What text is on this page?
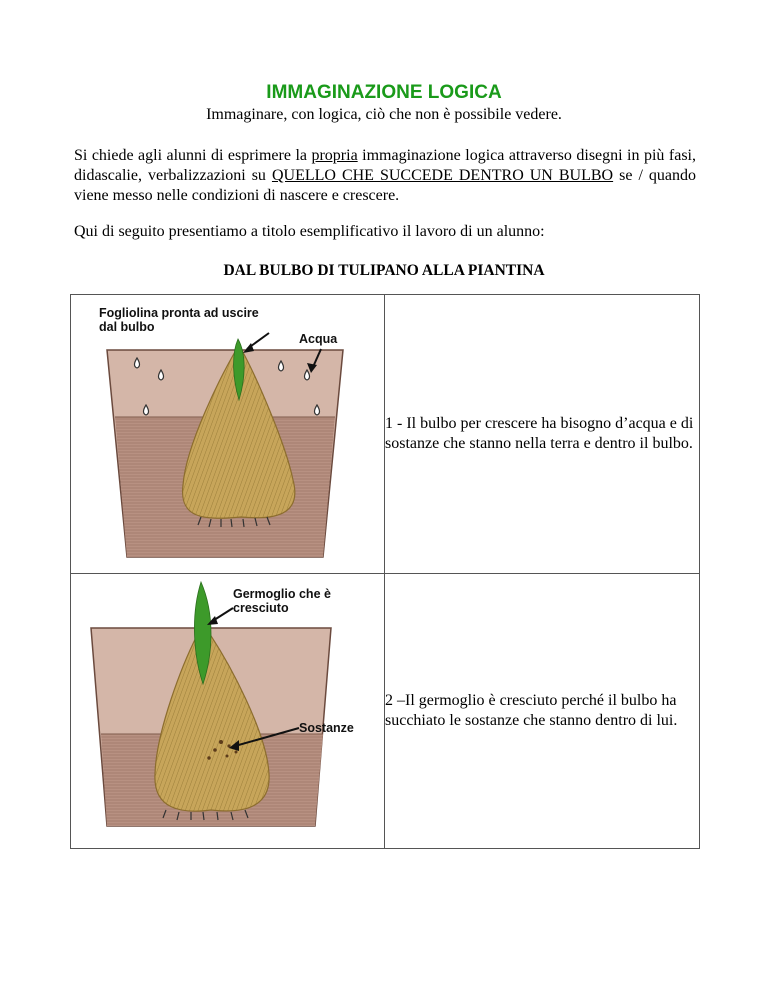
IMMAGINAZIONE LOGICA
Immaginare, con logica, ciò che non è possibile vedere.
Si chiede agli alunni di esprimere la propria immaginazione logica attraverso disegni in più fasi, didascalie, verbalizzazioni su QUELLO CHE SUCCEDE DENTRO UN BULBO se / quando viene messo nelle condizioni di nascere e crescere.
Qui di seguito presentiamo a titolo esemplificativo il lavoro di un alunno:
DAL BULBO DI TULIPANO ALLA PIANTINA
Fogliolina pronta ad uscire
dal bulbo
Acqua	1 - Il bulbo per crescere ha bisogno d’acqua e di sostanze che stanno nella terra e dentro il bulbo.

Germoglio che è
cresciuto
Sostanze	2 –Il germoglio è cresciuto perché il bulbo ha succhiato le sostanze che stanno dentro di lui.
